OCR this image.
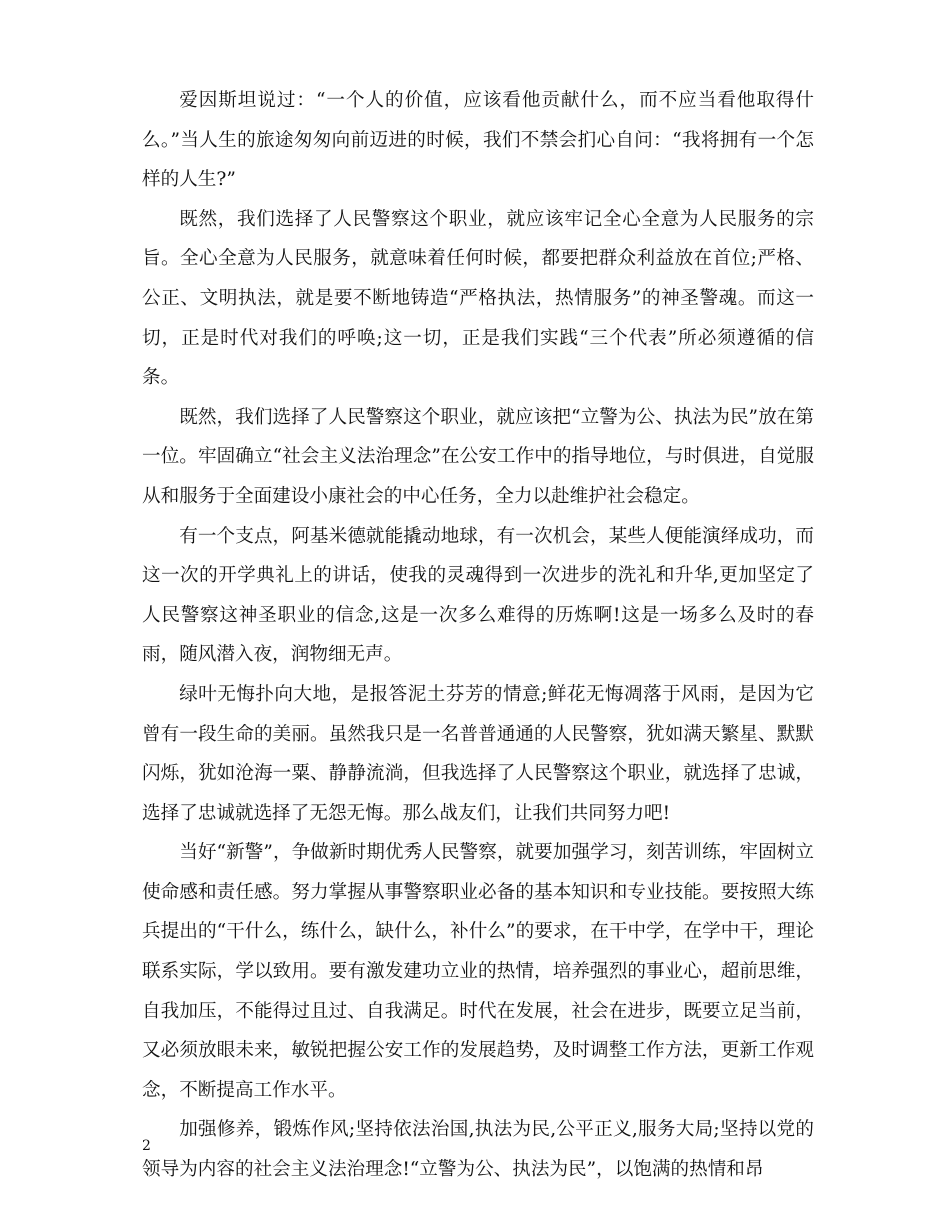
爱因斯坦说过：“一个人的价值，应该看他贡献什么，而不应当看他取得什么。”当人生的旅途匆匆向前迈进的时候，我们不禁会扪心自问：“我将拥有一个怎样的人生?”

既然，我们选择了人民警察这个职业，就应该牢记全心全意为人民服务的宗旨。全心全意为人民服务，就意味着任何时候，都要把群众利益放在首位;严格、公正、文明执法，就是要不断地铸造“严格执法，热情服务”的神圣警魂。而这一切，正是时代对我们的呼唤;这一切，正是我们实践“三个代表”所必须遵循的信条。

既然，我们选择了人民警察这个职业，就应该把“立警为公、执法为民”放在第一位。牢固确立“社会主义法治理念”在公安工作中的指导地位，与时俱进，自觉服从和服务于全面建设小康社会的中心任务，全力以赴维护社会稳定。

有一个支点，阿基米德就能撬动地球，有一次机会，某些人便能演绎成功，而这一次的开学典礼上的讲话，使我的灵魂得到一次进步的洗礼和升华,更加坚定了人民警察这神圣职业的信念,这是一次多么难得的历炼啊!这是一场多么及时的春雨，随风潜入夜，润物细无声。

绿叶无悔扑向大地，是报答泥土芬芳的情意;鲜花无悔凋落于风雨，是因为它曾有一段生命的美丽。虽然我只是一名普普通通的人民警察，犹如满天繁星、默默闪烁，犹如沧海一粟、静静流淌，但我选择了人民警察这个职业，就选择了忠诚，选择了忠诚就选择了无怨无悔。那么战友们，让我们共同努力吧!

当好“新警”，争做新时期优秀人民警察，就要加强学习，刻苦训练，牢固树立使命感和责任感。努力掌握从事警察职业必备的基本知识和专业技能。要按照大练兵提出的“干什么，练什么，缺什么，补什么”的要求，在干中学，在学中干，理论联系实际，学以致用。要有激发建功立业的热情，培养强烈的事业心，超前思维，自我加压，不能得过且过、自我满足。时代在发展，社会在进步，既要立足当前，又必须放眼未来，敏锐把握公安工作的发展趋势，及时调整工作方法，更新工作观念，不断提高工作水平。

加强修养，锻炼作风;坚持依法治国,执法为民,公平正义,服务大局;坚持以党的领导为内容的社会主义法治理念!“立警为公、执法为民”，以饱满的热情和昂

2
